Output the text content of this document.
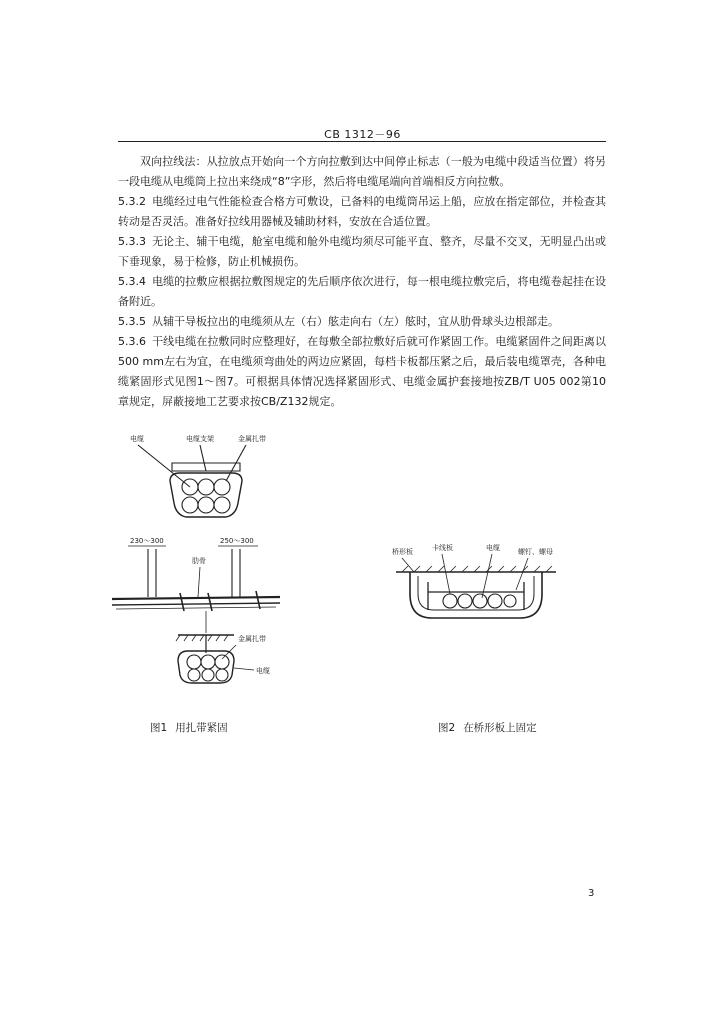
CB 1312－96

双向拉线法：从拉放点开始向一个方向拉敷到达中间停止标志（一般为电缆中段适当位置）将另一段电缆从电缆筒上拉出来绕成“8”字形，然后将电缆尾端向首端相反方向拉敷。

5.3.2 电缆经过电气性能检查合格方可敷设，已备料的电缆筒吊运上船，应放在指定部位，并检查其转动是否灵活。准备好拉线用器械及辅助材料，安放在合适位置。

5.3.3 无论主、辅干电缆，舱室电缆和舱外电缆均须尽可能平直、整齐，尽量不交叉，无明显凸出或下垂现象，易于检修，防止机械损伤。

5.3.4 电缆的拉敷应根据拉敷图规定的先后顺序依次进行，每一根电缆拉敷完后，将电缆卷起挂在设备附近。

5.3.5 从辅干导板拉出的电缆须从左（右）舷走向右（左）舷时，宜从肋骨球头边根部走。

5.3.6 干线电缆在拉敷同时应整理好，在每敷全部拉敷好后就可作紧固工作。电缆紧固件之间距离以500 mm左右为宜，在电缆须弯曲处的两边应紧固，每档卡板都压紧之后，最后装电缆罩壳，各种电缆紧固形式见图1～图7。可根据具体情况选择紧固形式、电缆金属护套接地按ZB/T U05 002第10章规定，屏蔽接地工艺要求按CB/Z132规定。

电缆	电缆支架	金属扎带
230～300	250～300
肋骨
金属扎带
电缆
图1 用扎带紧固
桥形板	卡线板	电缆	螺钉、螺母
图2 在桥形板上固定
3
